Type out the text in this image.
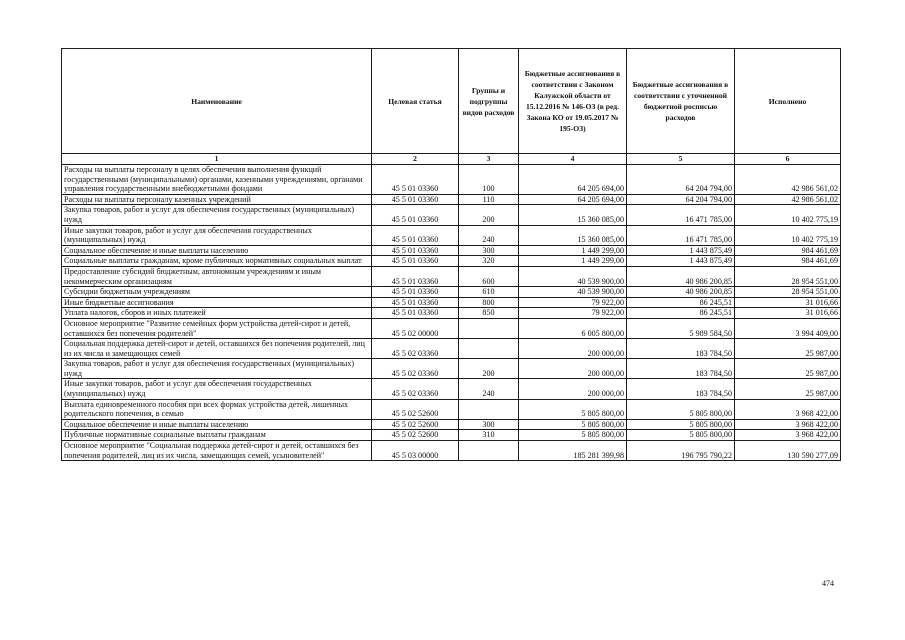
Наименование	Целевая статья	Группы и подгруппы видов расходов	Бюджетные ассигнования в соответствии с Законом Калужской области от 15.12.2016 № 146-ОЗ (в ред. Закона КО от 19.05.2017 № 195-ОЗ)	Бюджетные ассигнования в соответствии с уточненной бюджетной росписью расходов	Исполнено
1	2	3	4	5	6
Расходы на выплаты персоналу в целях обеспечения выполнения функций государственными (муниципальными) органами, казенными учреждениями, органами управления государственными внебюджетными фондами	45 5 01 03360	100	64 205 694,00	64 204 794,00	42 986 561,02
Расходы на выплаты персоналу казенных учреждений	45 5 01 03360	110	64 205 694,00	64 204 794,00	42 986 561,02
Закупка товаров, работ и услуг для обеспечения государственных (муниципальных) нужд	45 5 01 03360	200	15 360 085,00	16 471 785,00	10 402 775,19
Иные закупки товаров, работ и услуг для обеспечения государственных (муниципальных) нужд	45 5 01 03360	240	15 360 085,00	16 471 785,00	10 402 775,19
Социальное обеспечение и иные выплаты населению	45 5 01 03360	300	1 449 299,00	1 443 875,49	984 461,69
Социальные выплаты гражданам, кроме публичных нормативных социальных выплат	45 5 01 03360	320	1 449 299,00	1 443 875,49	984 461,69
Предоставление субсидий бюджетным, автономным учреждениям и иным некоммерческим организациям	45 5 01 03360	600	40 539 900,00	40 986 200,85	28 954 551,00
Субсидии бюджетным учреждениям	45 5 01 03360	610	40 539 900,00	40 986 200,85	28 954 551,00
Иные бюджетные ассигнования	45 5 01 03360	800	79 922,00	86 245,51	31 016,66
Уплата налогов, сборов и иных платежей	45 5 01 03360	850	79 922,00	86 245,51	31 016,66
Основное мероприятие "Развитие семейных форм устройства детей-сирот и детей, оставшихся без попечения родителей"	45 5 02 00000		6 005 800,00	5 989 584,50	3 994 409,00
Социальная поддержка детей-сирот и детей, оставшихся без попечения родителей, лиц из их числа и замещающих семей	45 5 02 03360		200 000,00	183 784,50	25 987,00
Закупка товаров, работ и услуг для обеспечения государственных (муниципальных) нужд	45 5 02 03360	200	200 000,00	183 784,50	25 987,00
Иные закупки товаров, работ и услуг для обеспечения государственных (муниципальных) нужд	45 5 02 03360	240	200 000,00	183 784,50	25 987,00
Выплата единовременного пособия при всех формах устройства детей, лишенных родительского попечения, в семью	45 5 02 52600		5 805 800,00	5 805 800,00	3 968 422,00
Социальное обеспечение и иные выплаты населению	45 5 02 52600	300	5 805 800,00	5 805 800,00	3 968 422,00
Публичные нормативные социальные выплаты гражданам	45 5 02 52600	310	5 805 800,00	5 805 800,00	3 968 422,00
Основное мероприятие "Социальная поддержка детей-сирот и детей, оставшихся без попечения родителей, лиц из их числа, замещающих семей, усыновителей"	45 5 03 00000		185 281 399,98	196 795 790,22	130 590 277,09
474
